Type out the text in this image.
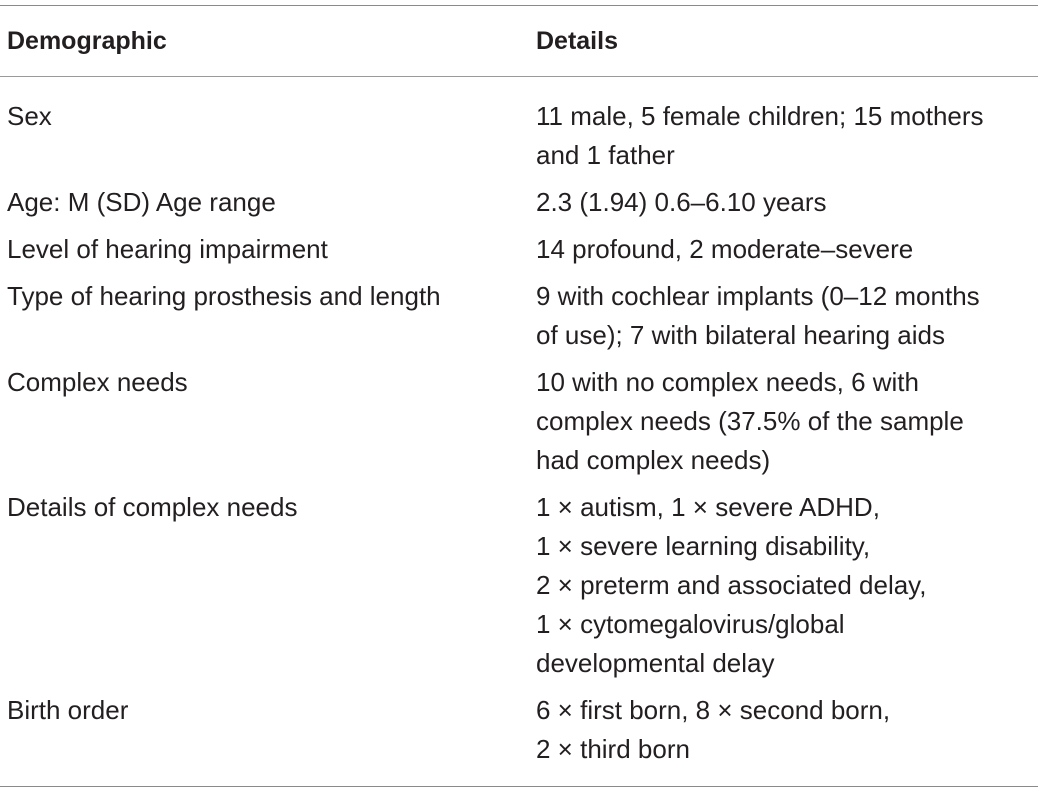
Demographic	Details
Sex	11 male, 5 female children; 15 mothers
and 1 father
Age: M (SD) Age range	2.3 (1.94) 0.6–6.10 years
Level of hearing impairment	14 profound, 2 moderate–severe
Type of hearing prosthesis and length	9 with cochlear implants (0–12 months
of use); 7 with bilateral hearing aids
Complex needs	10 with no complex needs, 6 with
complex needs (37.5% of the sample
had complex needs)
Details of complex needs	1 × autism, 1 × severe ADHD,
1 × severe learning disability,
2 × preterm and associated delay,
1 × cytomegalovirus/global
developmental delay
Birth order	6 × first born, 8 × second born,
2 × third born
